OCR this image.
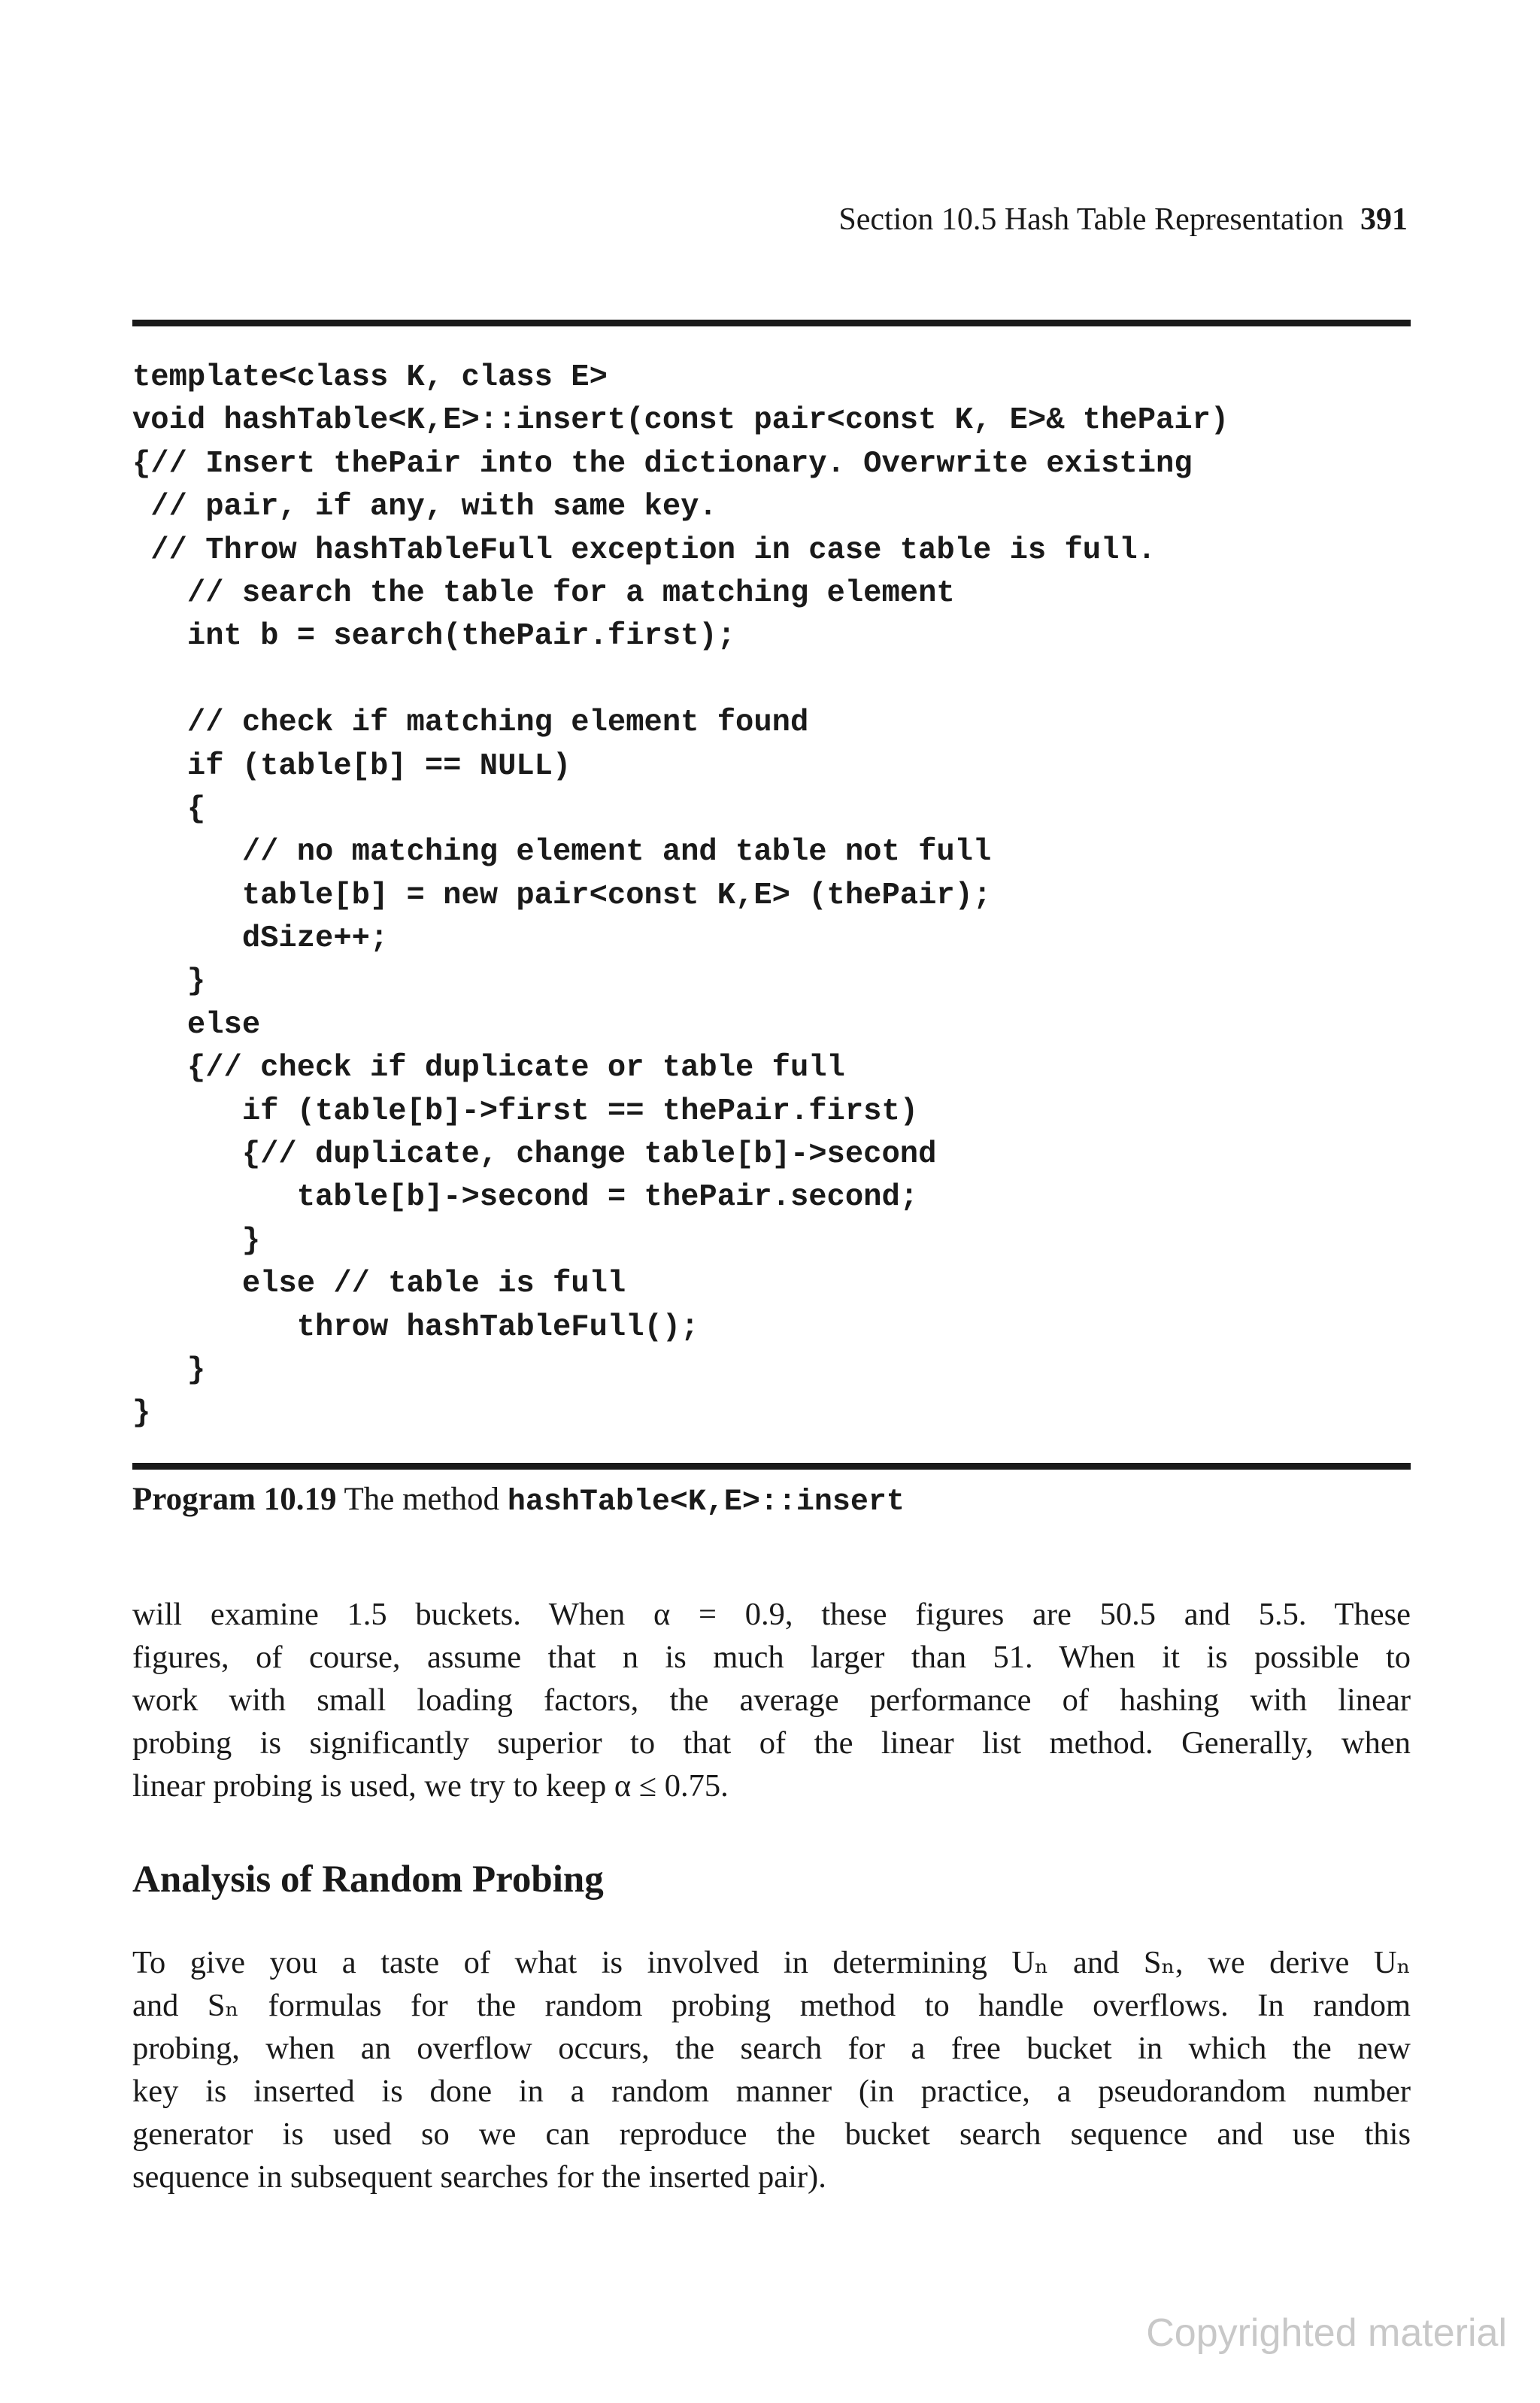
Section 10.5 Hash Table Representation 391
template<class K, class E>
void hashTable<K,E>::insert(const pair<const K, E>& thePair)
{// Insert thePair into the dictionary. Overwrite existing
// pair, if any, with same key.
// Throw hashTableFull exception in case table is full.
// search the table for a matching element
int b = search(thePair.first);
// check if matching element found
if (table[b] == NULL)
{
// no matching element and table not full
table[b] = new pair<const K,E> (thePair);
dSize++;
}
else
{// check if duplicate or table full
if (table[b]->first == thePair.first)
{// duplicate, change table[b]->second
table[b]->second = thePair.second;
}
else // table is full
throw hashTableFull();
}
}
Program 10.19 The method hashTable<K,E>::insert
will examine 1.5 buckets. When α = 0.9, these figures are 50.5 and 5.5. These
figures, of course, assume that n is much larger than 51. When it is possible to
work with small loading factors, the average performance of hashing with linear
probing is significantly superior to that of the linear list method. Generally, when
linear probing is used, we try to keep α ≤ 0.75.
Analysis of Random Probing
To give you a taste of what is involved in determining Uₙ and Sₙ, we derive Uₙ
and Sₙ formulas for the random probing method to handle overflows. In random
probing, when an overflow occurs, the search for a free bucket in which the new
key is inserted is done in a random manner (in practice, a pseudorandom number
generator is used so we can reproduce the bucket search sequence and use this
sequence in subsequent searches for the inserted pair).
Copyrighted material
